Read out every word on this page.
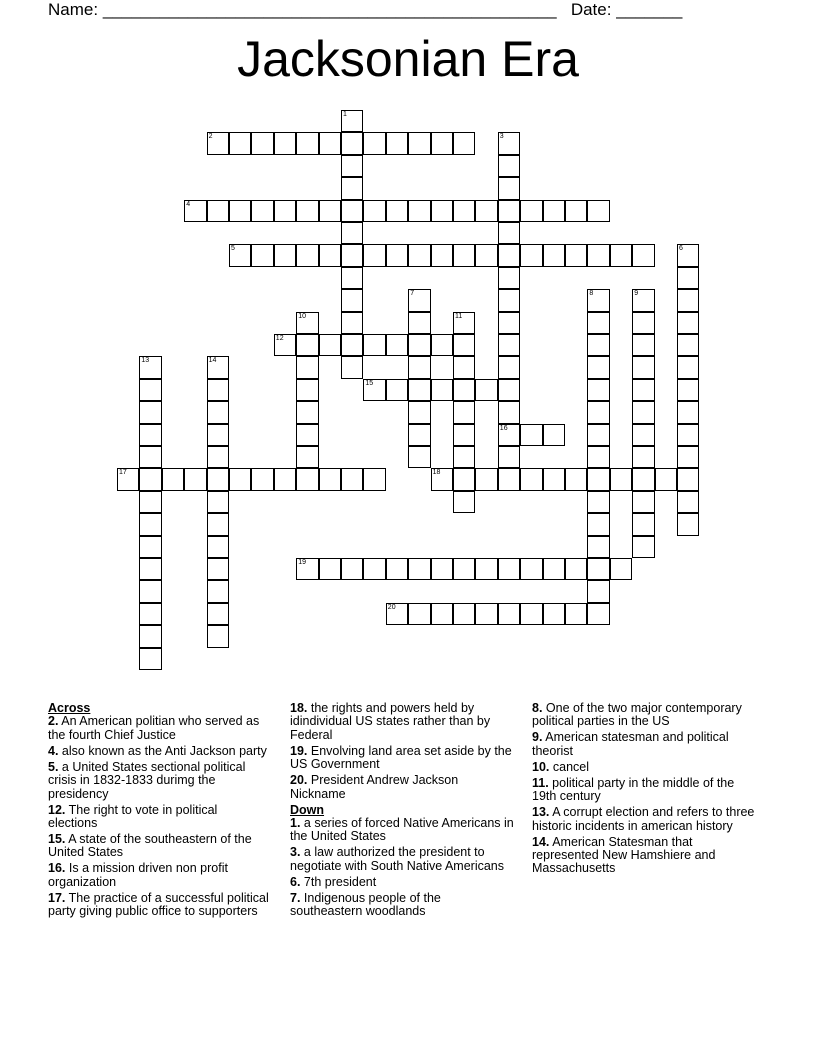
Name: ________________________________________________ Date: _______
Jacksonian Era
1
2	3
16
4
5	6
7	8	9
10	11
12
13	14
15
17	18
19
20
Across
2. An American politian who served as the fourth Chief Justice
4. also known as the Anti Jackson party
5. a United States sectional political crisis in 1832-1833 durimg the presidency
12. The right to vote in political elections
15. A state of the southeastern of the United States
16. Is a mission driven non profit organization
17. The practice of a successful political party giving public office to supporters
18. the rights and powers held by idindividual US states rather than by Federal
19. Envolving land area set aside by the US Government
20. President Andrew Jackson Nickname
Down
1. a series of forced Native Americans in the United States
3. a law authorized the president to negotiate with South Native Americans
6. 7th president
7. Indigenous people of the southeastern woodlands
8. One of the two major contemporary political parties in the US
9. American statesman and political theorist
10. cancel
11. political party in the middle of the 19th century
13. A corrupt election and refers to three historic incidents in american history
14. American Statesman that represented New Hamshiere and Massachusetts
